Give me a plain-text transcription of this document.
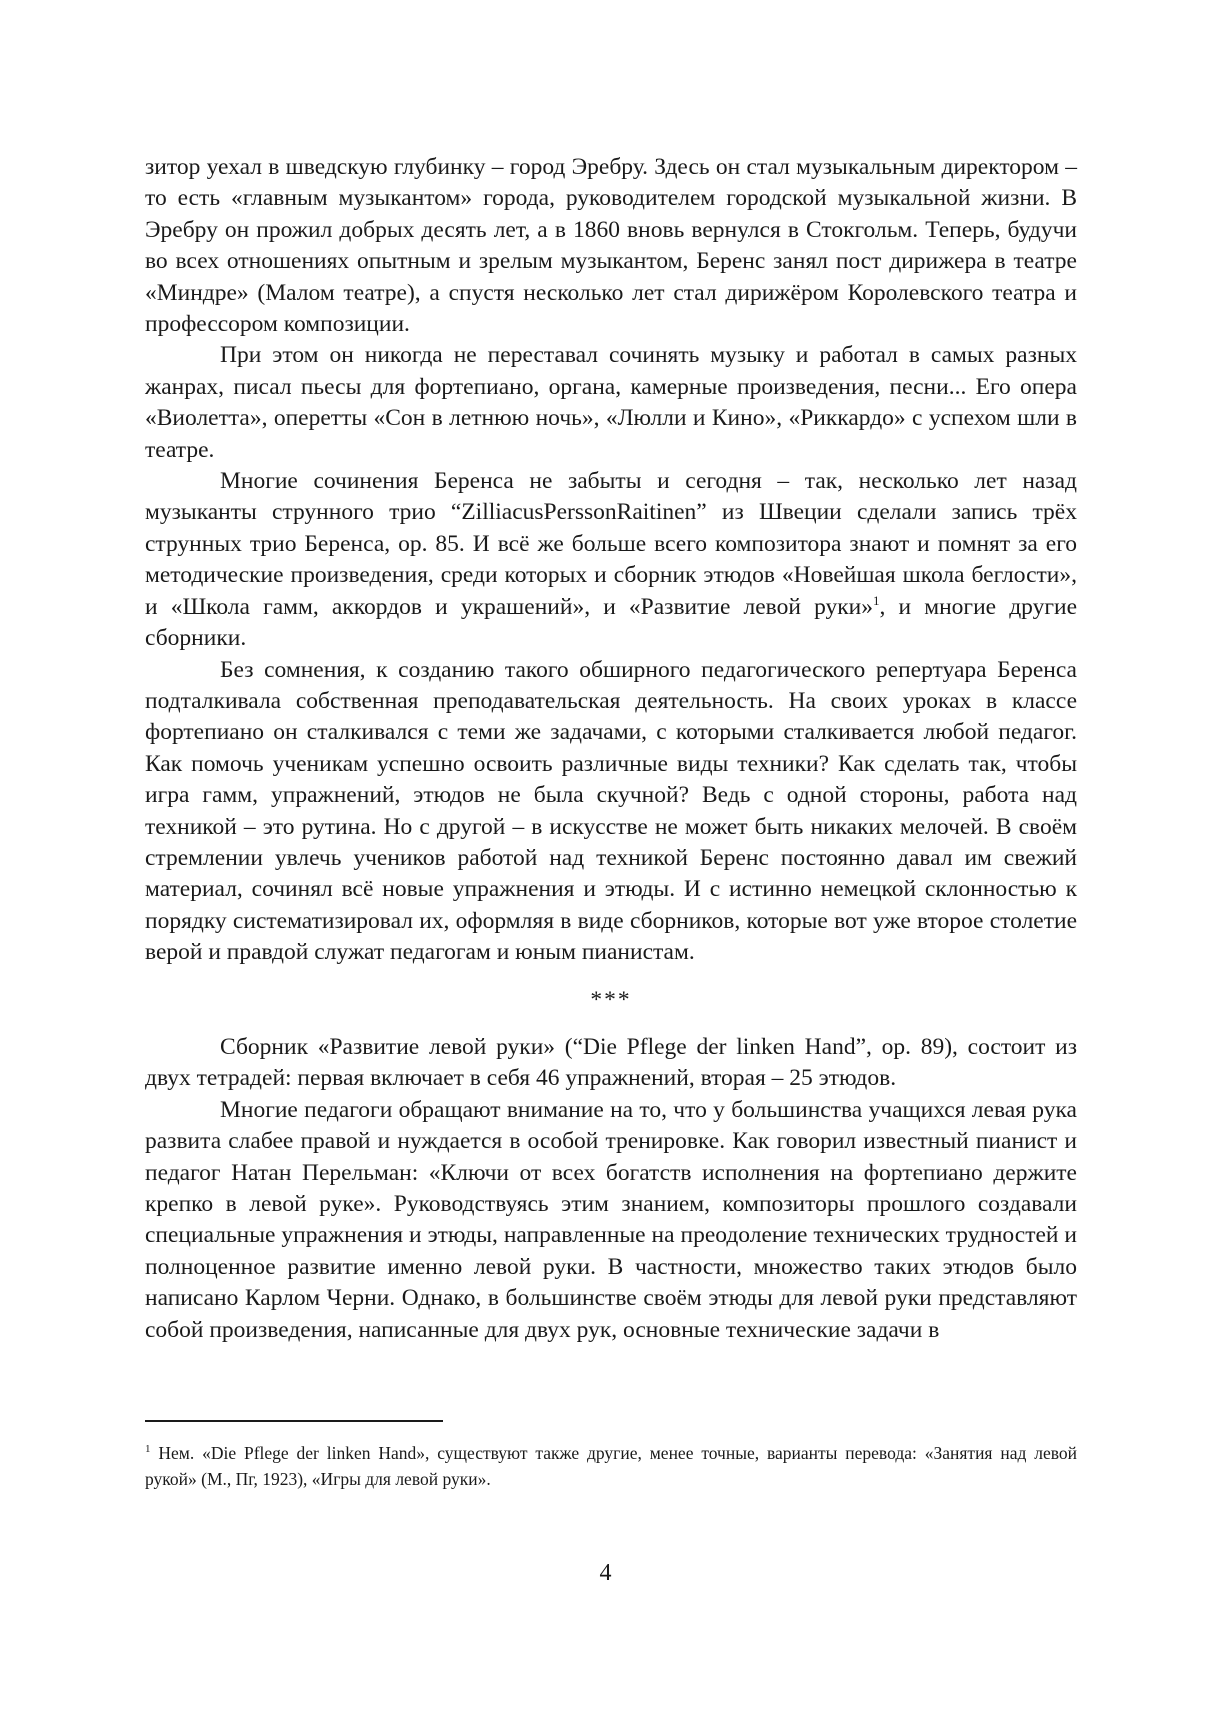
зитор уехал в шведскую глубинку – город Эребру. Здесь он стал музыкальным директором – то есть «главным музыкантом» города, руководителем городской музыкальной жизни. В Эребру он прожил добрых десять лет, а в 1860 вновь вернулся в Стокгольм. Теперь, будучи во всех отношениях опытным и зрелым музыкантом, Беренс занял пост дирижера в театре «Миндре» (Малом театре), а спустя несколько лет стал дирижёром Королевского театра и профессором композиции.

При этом он никогда не переставал сочинять музыку и работал в самых разных жанрах, писал пьесы для фортепиано, органа, камерные произведения, песни... Его опера «Виолетта», оперетты «Сон в летнюю ночь», «Люлли и Кино», «Риккардо» с успехом шли в театре.

Многие сочинения Беренса не забыты и сегодня – так, несколько лет назад музыканты струнного трио “ZilliacusPerssonRaitinen” из Швеции сделали запись трёх струнных трио Беренса, ор. 85. И всё же больше всего композитора знают и помнят за его методические произведения, среди которых и сборник этюдов «Новейшая школа беглости», и «Школа гамм, аккордов и украшений», и «Развитие левой руки»$^1$, и многие другие сборники.

Без сомнения, к созданию такого обширного педагогического репертуара Беренса подталкивала собственная преподавательская деятельность. На своих уроках в классе фортепиано он сталкивался с теми же задачами, с которыми сталкивается любой педагог. Как помочь ученикам успешно освоить различные виды техники? Как сделать так, чтобы игра гамм, упражнений, этюдов не была скучной? Ведь с одной стороны, работа над техникой – это рутина. Но с другой – в искусстве не может быть никаких мелочей. В своём стремлении увлечь учеников работой над техникой Беренс постоянно давал им свежий материал, сочинял всё новые упражнения и этюды. И с истинно немецкой склонностью к порядку систематизировал их, оформляя в виде сборников, которые вот уже второе столетие верой и правдой служат педагогам и юным пианистам.

***

Сборник «Развитие левой руки» (“Die Pflege der linken Hand”, ор. 89), состоит из двух тетрадей: первая включает в себя 46 упражнений, вторая – 25 этюдов.

Многие педагоги обращают внимание на то, что у большинства учащихся левая рука развита слабее правой и нуждается в особой тренировке. Как говорил известный пианист и педагог Натан Перельман: «Ключи от всех богатств исполнения на фортепиано держите крепко в левой руке». Руководствуясь этим знанием, композиторы прошлого создавали специальные упражнения и этюды, направленные на преодоление технических трудностей и полноценное развитие именно левой руки. В частности, множество таких этюдов было написано Карлом Черни. Однако, в большинстве своём этюды для левой руки представляют собой произведения, написанные для двух рук, основные технические задачи в

$^1$ Нем. «Die Pflege der linken Hand», существуют также другие, менее точные, варианты перевода: «Занятия над левой рукой» (М., Пг, 1923), «Игры для левой руки».

4
